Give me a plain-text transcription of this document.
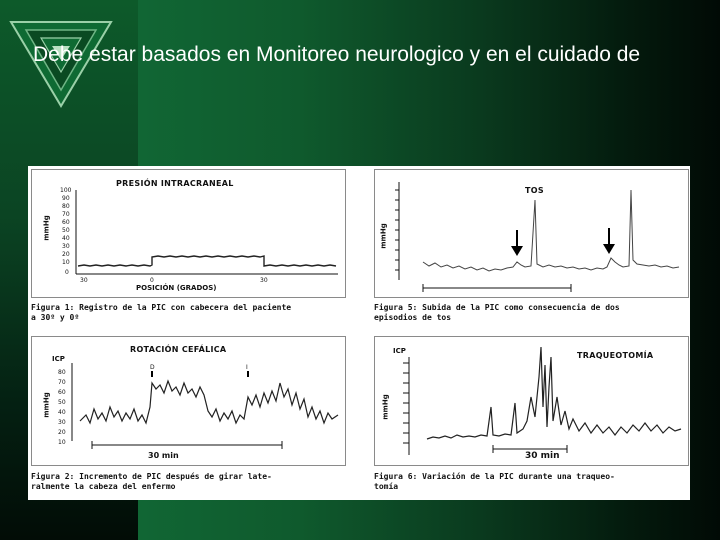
Debe estar basados en Monitoreo neurologico y en el cuidado de
PRESIÓN INTRACRANEAL
mmHg
100
90
80
70
60
50
40
30
20
10
0
30	0	30
POSICIÓN (GRADOS)
TOS
mmHg
Figura 1: Registro de la PIC con cabecera del paciente
a 30º y 0º
Figura 5: Subida de la PIC como consecuencia de dos
episodios de tos
ROTACIÓN CEFÁLICA
ICP
mmHg
80
70
60
50
40
30
20
10
D	I
30 min
TRAQUEOTOMÍA
ICP
mmHg
30 min
Figura 2: Incremento de PIC después de girar late-
ralmente la cabeza del enfermo
Figura 6: Variación de la PIC durante una traqueo-
tomía
